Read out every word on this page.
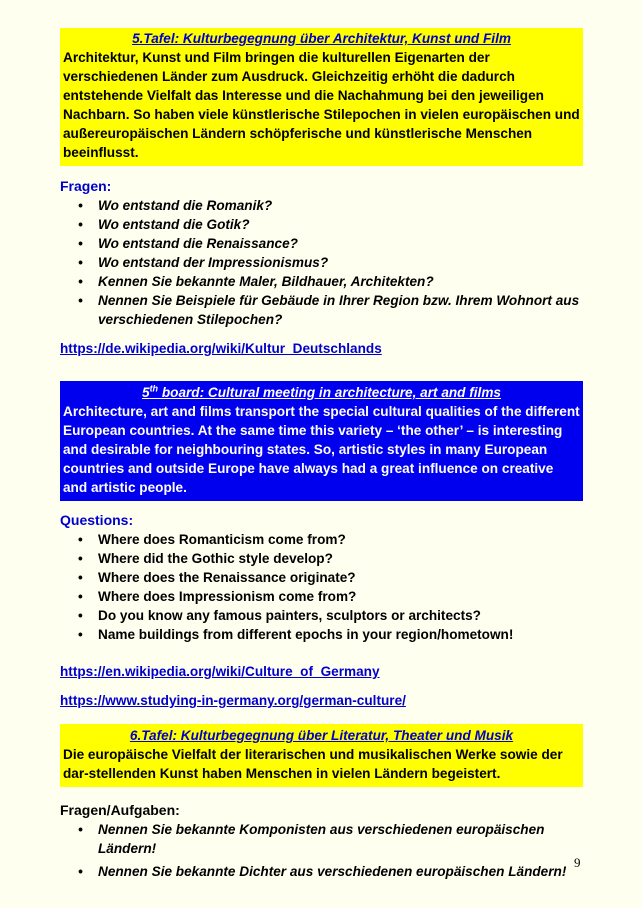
5.Tafel: Kulturbegegnung über Architektur, Kunst und Film
Architektur, Kunst und Film bringen die kulturellen Eigenarten der verschiedenen Länder zum Ausdruck. Gleichzeitig erhöht die dadurch entstehende Vielfalt das Interesse und die Nachahmung bei den jeweiligen Nachbarn. So haben viele künstlerische Stilepochen in vielen europäischen und außereuropäischen Ländern schöpferische und künstlerische Menschen beeinflusst.
Fragen:
• Wo entstand die Romanik?
• Wo entstand die Gotik?
• Wo entstand die Renaissance?
• Wo entstand der Impressionismus?
• Kennen Sie bekannte Maler, Bildhauer, Architekten?
• Nennen Sie Beispiele für Gebäude in Ihrer Region bzw. Ihrem Wohnort aus verschiedenen Stilepochen?
https://de.wikipedia.org/wiki/Kultur_Deutschlands
5th board: Cultural meeting in architecture, art and films
Architecture, art and films transport the special cultural qualities of the different European countries. At the same time this variety – ‘the other’ – is interesting and desirable for neighbouring states. So, artistic styles in many European countries and outside Europe have always had a great influence on creative and artistic people.
Questions:
• Where does Romanticism come from?
• Where did the Gothic style develop?
• Where does the Renaissance originate?
• Where does Impressionism come from?
• Do you know any famous painters, sculptors or architects?
• Name buildings from different epochs in your region/hometown!
https://en.wikipedia.org/wiki/Culture_of_Germany
https://www.studying-in-germany.org/german-culture/
6.Tafel: Kulturbegegnung über Literatur, Theater und Musik
Die europäische Vielfalt der literarischen und musikalischen Werke sowie der dar-stellenden Kunst haben Menschen in vielen Ländern begeistert.
Fragen/Aufgaben:
• Nennen Sie bekannte Komponisten aus verschiedenen europäischen Ländern!
• Nennen Sie bekannte Dichter aus verschiedenen europäischen Ländern!
9
